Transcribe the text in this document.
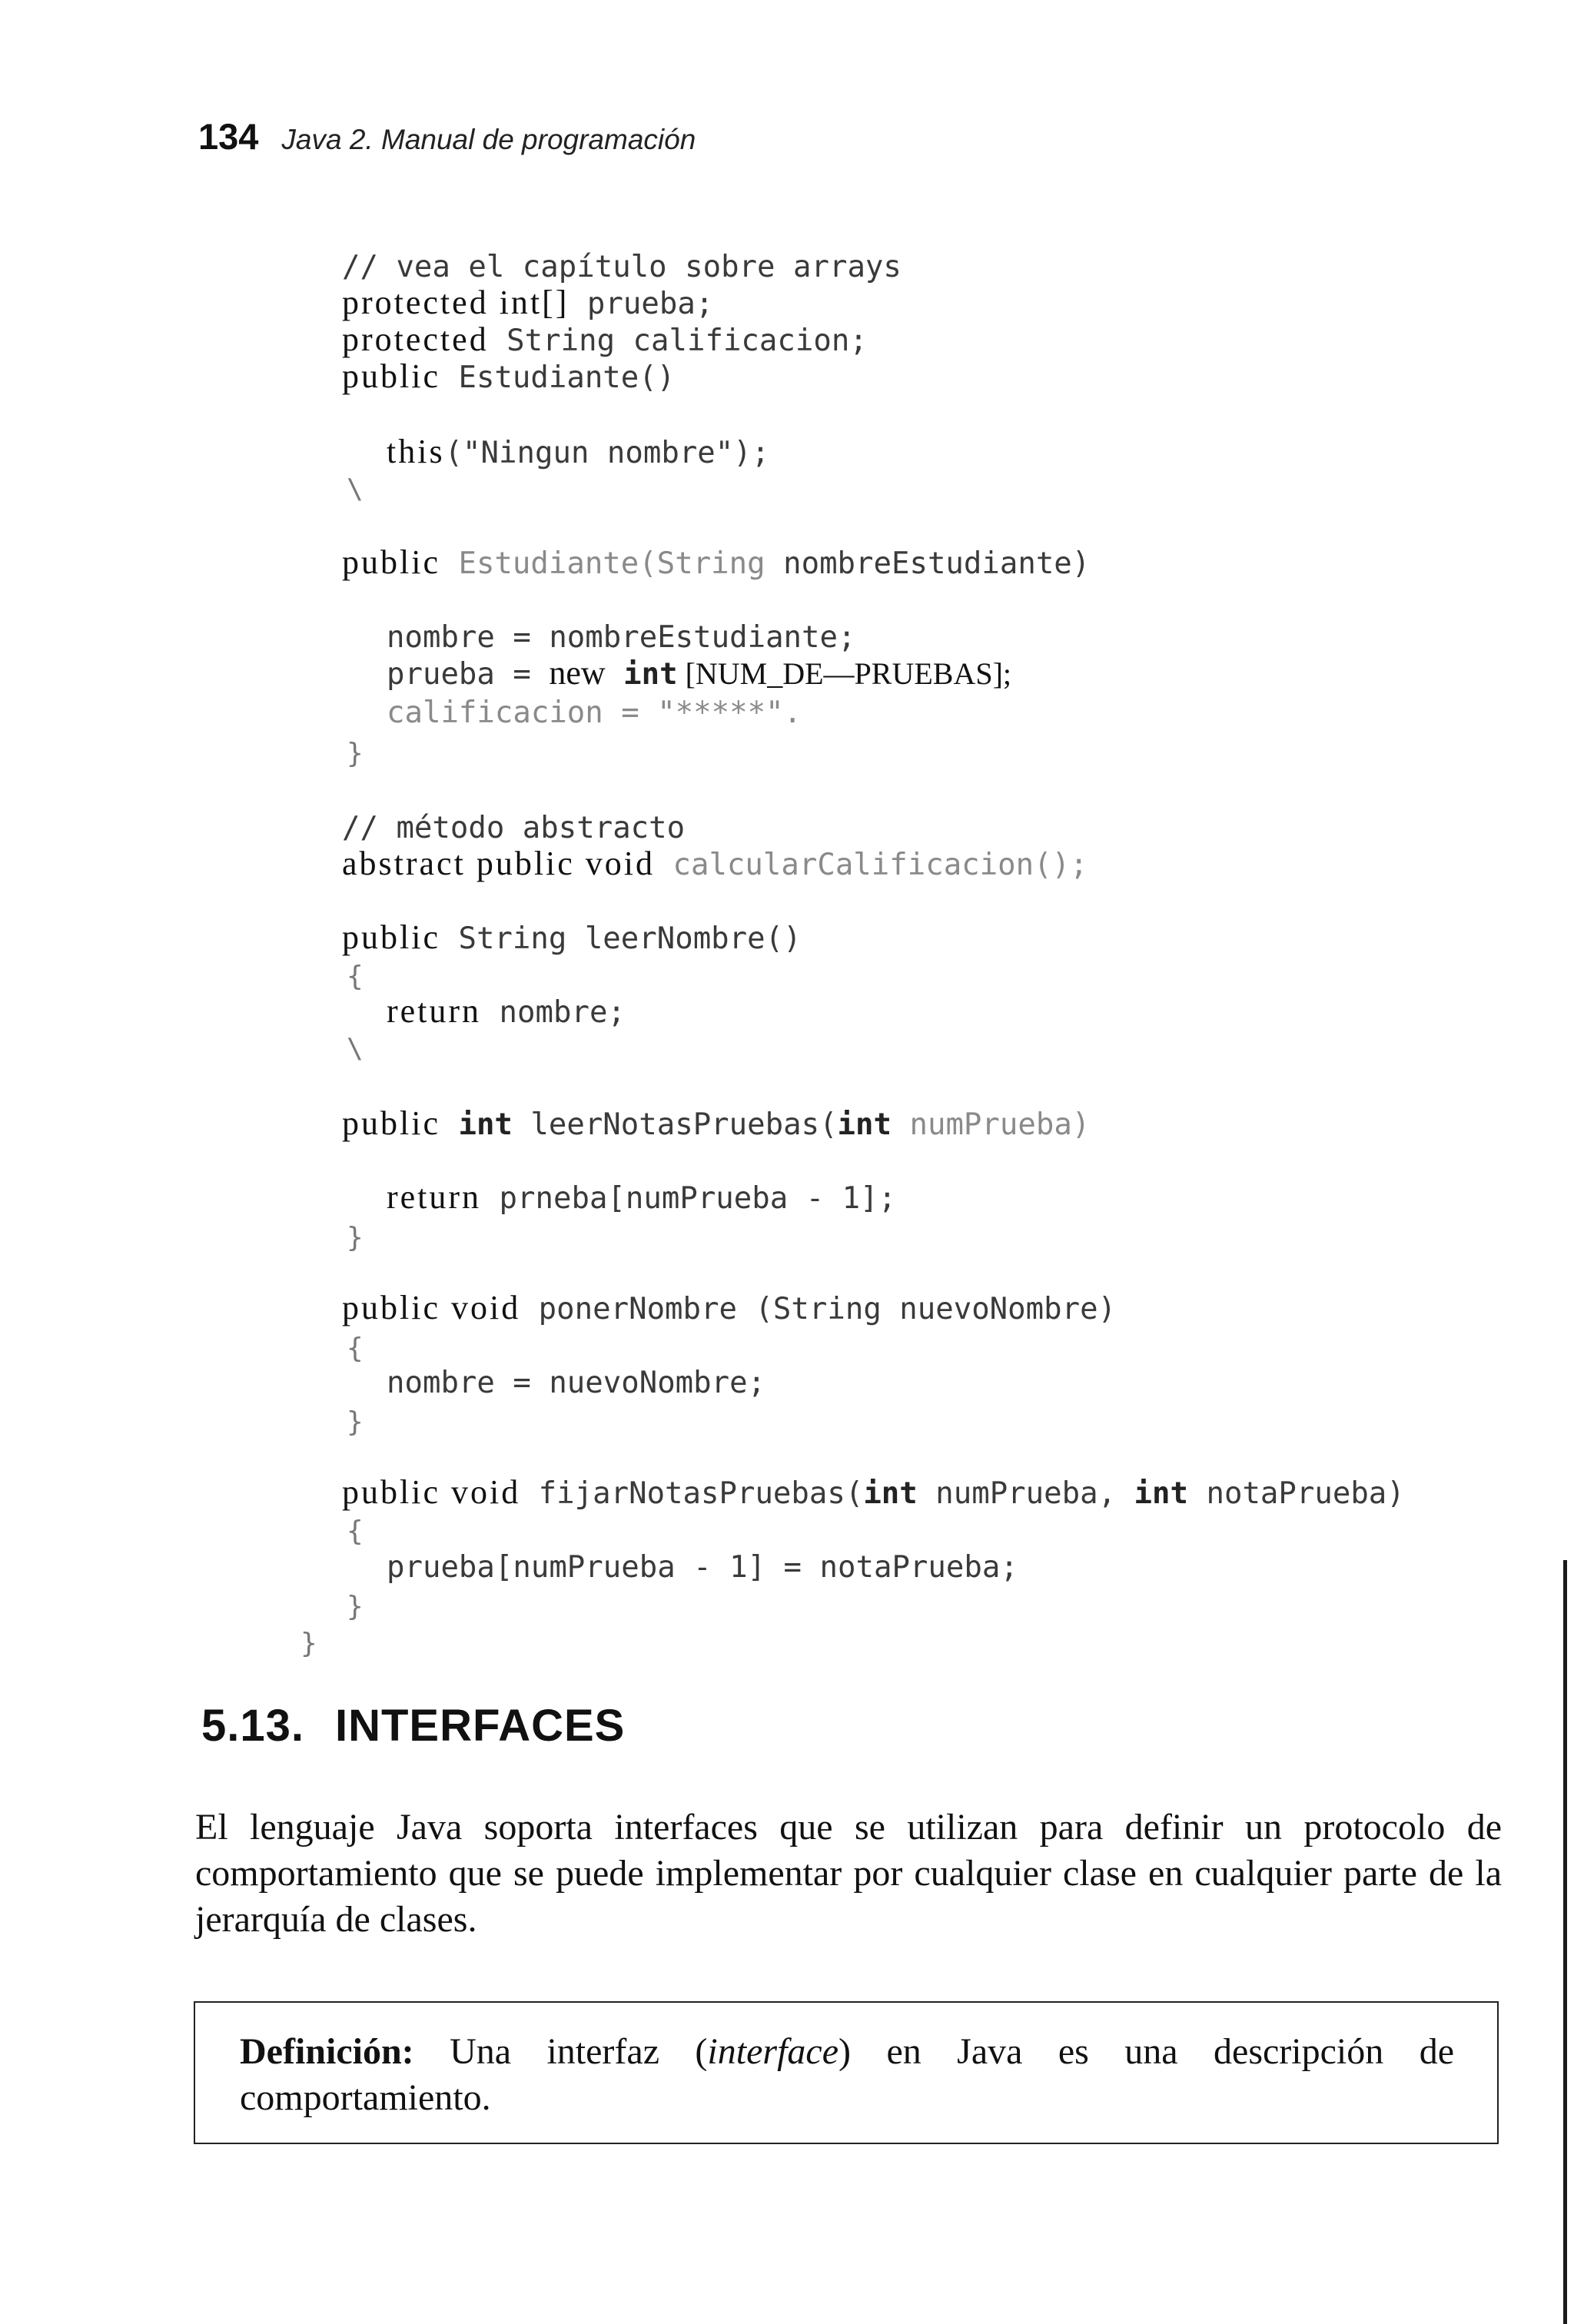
134 Java 2. Manual de programación

// vea el capítulo sobre arrays

protected int[] prueba;

protected String calificacion;

public Estudiante()

this("Ningun nombre");

\

public Estudiante(String nombreEstudiante)

nombre = nombreEstudiante;

prueba = new int [NUM_DE—PRUEBAS];

calificacion = "*****".

}

// método abstracto

abstract public void calcularCalificacion();

public String leerNombre()

{

return nombre;

\

public int leerNotasPruebas(int numPrueba)

return prneba[numPrueba - 1];

}

public void ponerNombre (String nuevoNombre)

{

nombre = nuevoNombre;

}

public void fijarNotasPruebas(int numPrueba, int notaPrueba)

{

prueba[numPrueba - 1] = notaPrueba;

}

}

5.13. INTERFACES
El lenguaje Java soporta interfaces que se utilizan para definir un protocolo de comportamiento que se puede implementar por cualquier clase en cualquier parte de la jerarquía de clases.
Definición: Una interfaz (interface) en Java es una descripción de comportamiento.
